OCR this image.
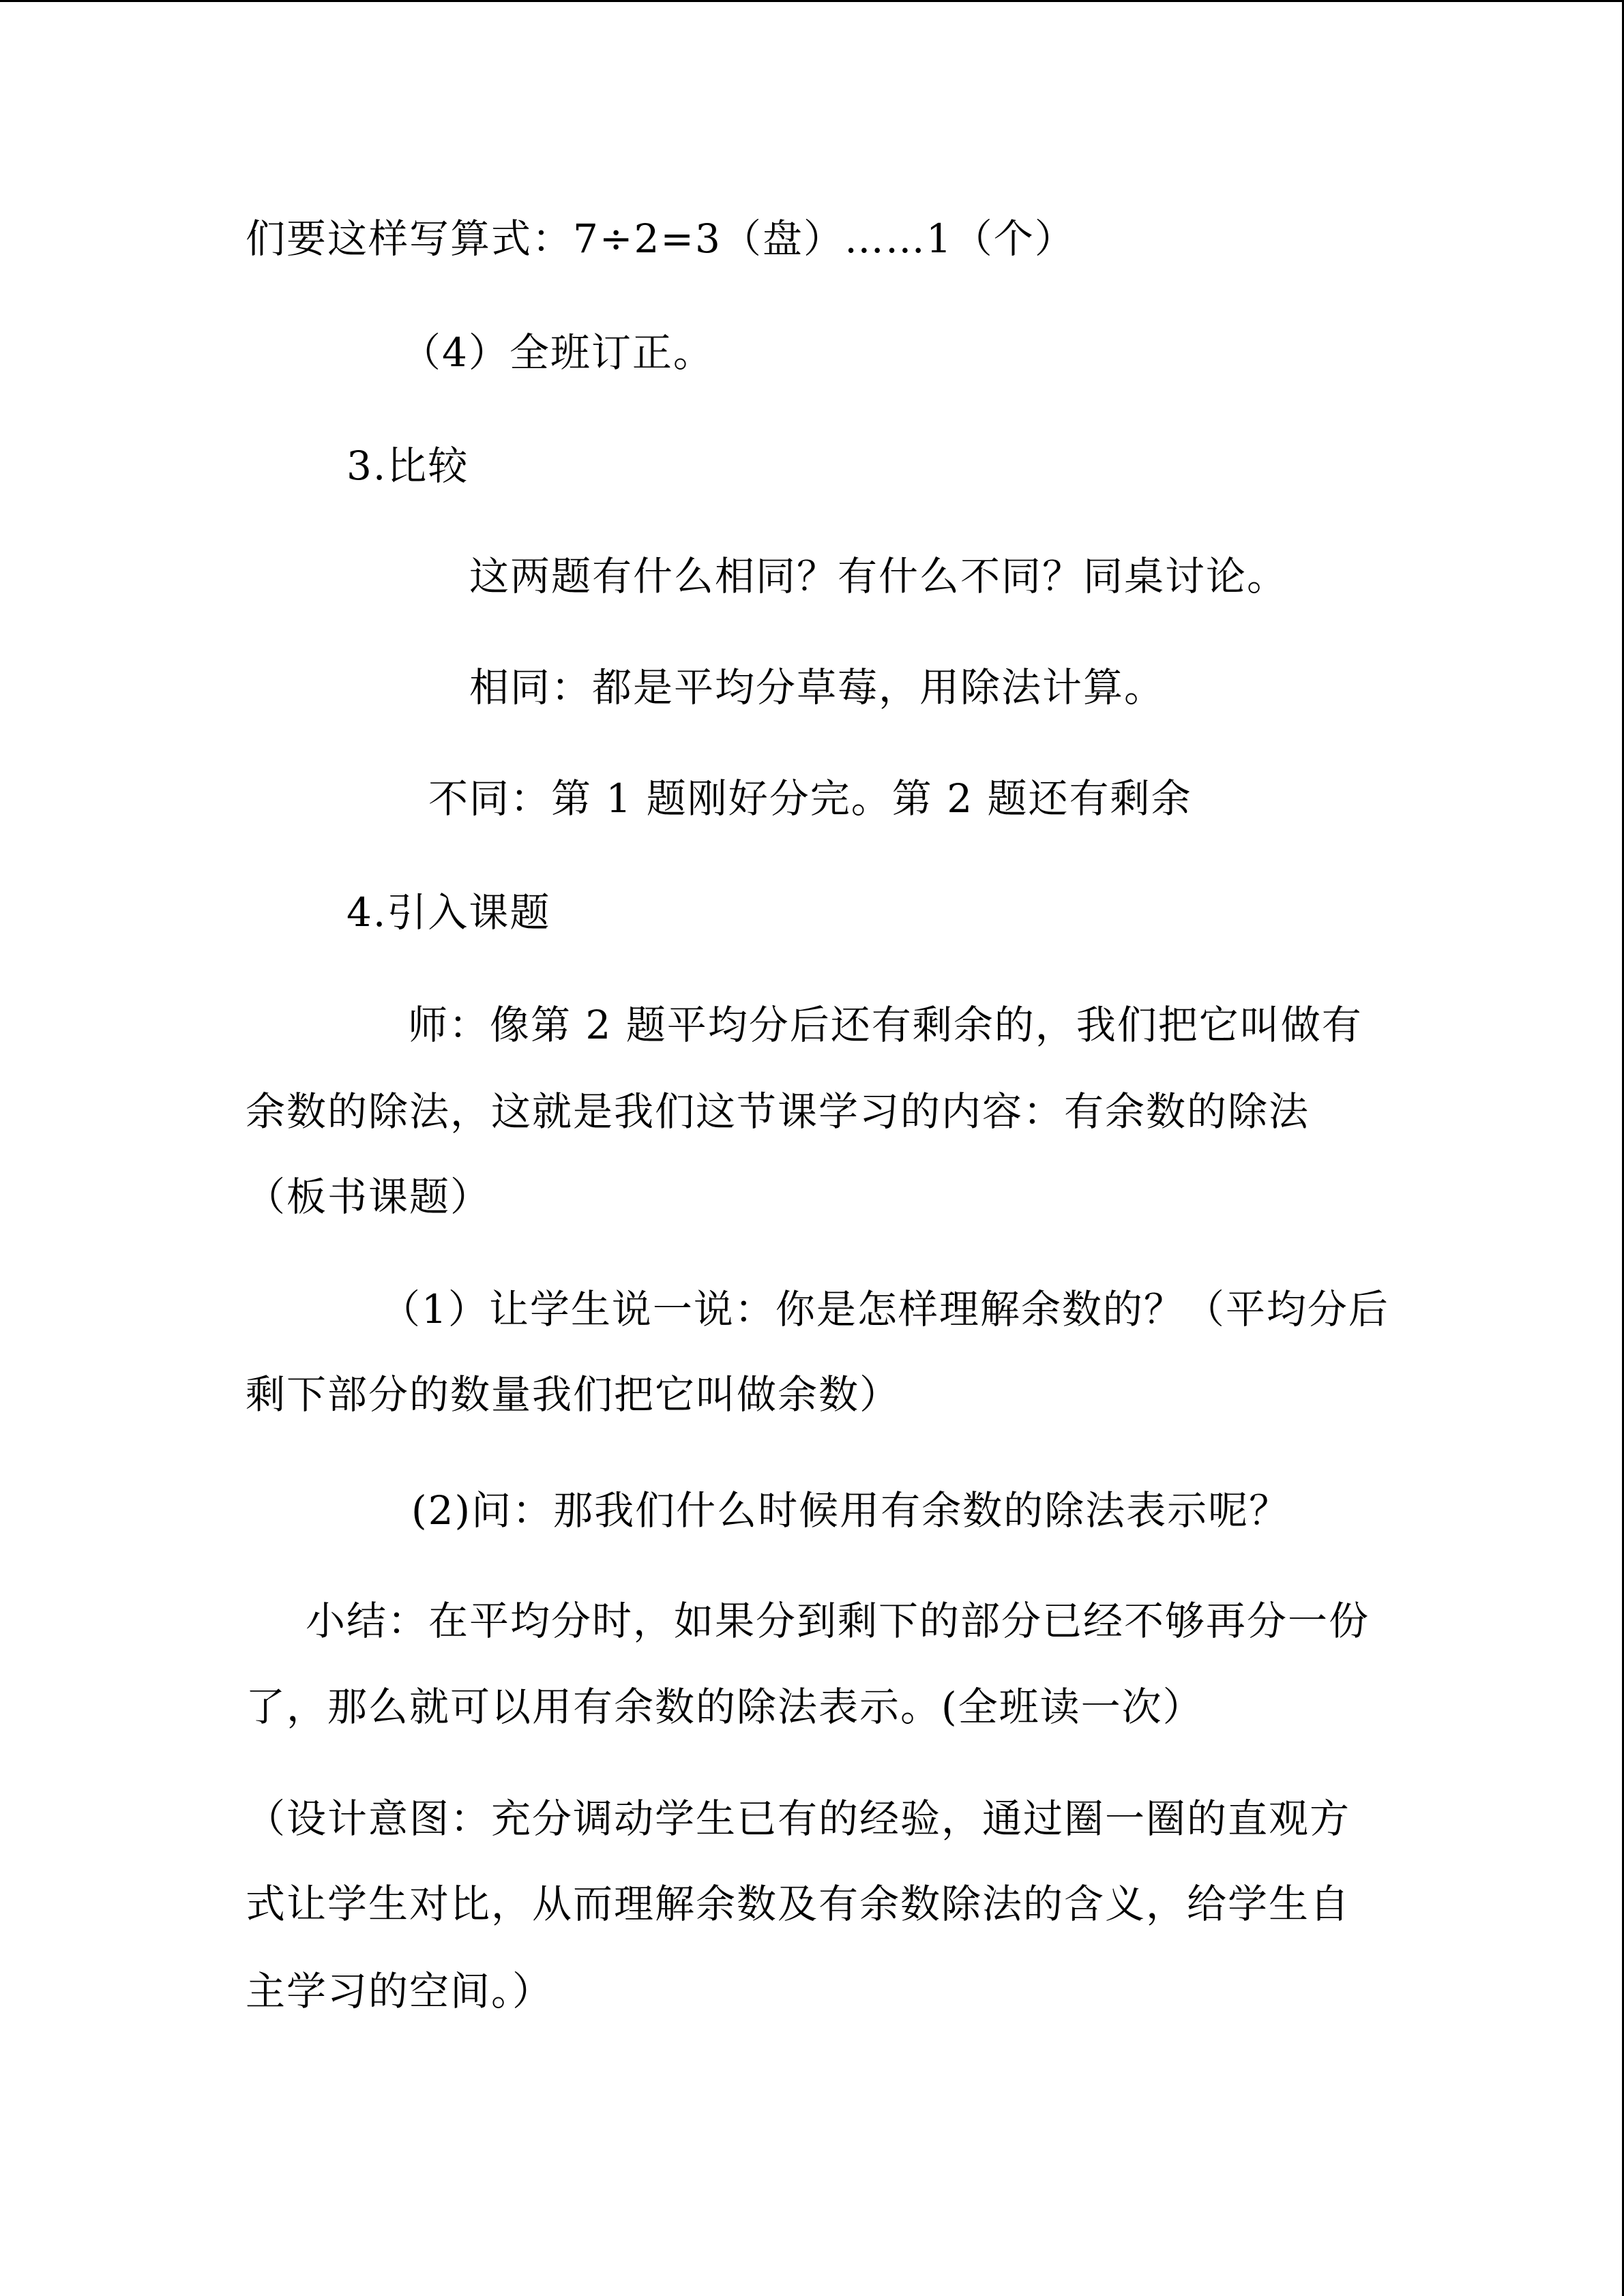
们要这样写算式：7÷2=3（盘）……1（个）
（4）全班订正。
3.比较
这两题有什么相同？有什么不同？同桌讨论。
相同：都是平均分草莓，用除法计算。
不同：第 1 题刚好分完。第 2 题还有剩余
4.引入课题
师：像第 2 题平均分后还有剩余的，我们把它叫做有
余数的除法，这就是我们这节课学习的内容：有余数的除法
（板书课题）
（1）让学生说一说：你是怎样理解余数的？（平均分后
剩下部分的数量我们把它叫做余数）
(2)问：那我们什么时候用有余数的除法表示呢？
小结：在平均分时，如果分到剩下的部分已经不够再分一份
了，那么就可以用有余数的除法表示。(全班读一次）
（设计意图：充分调动学生已有的经验，通过圈一圈的直观方
式让学生对比，从而理解余数及有余数除法的含义，给学生自
主学习的空间。）
